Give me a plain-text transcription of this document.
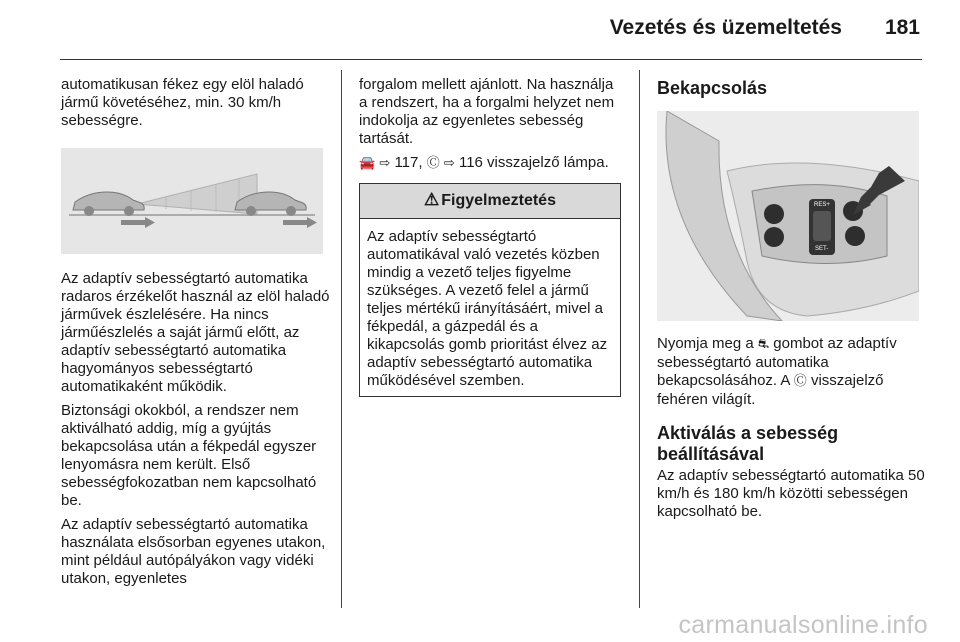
Vezetés és üzemeltetés	181

automatikusan fékez egy elöl haladó jármű követéséhez, min. 30 km/h sebességre.

Az adaptív sebességtartó automatika radaros érzékelőt használ az elöl haladó járművek észlelésére. Ha nincs járműészlelés a saját jármű előtt, az adaptív sebességtartó automatika hagyományos sebességtartó automatikaként működik.

Biztonsági okokból, a rendszer nem aktiválható addig, míg a gyújtás bekapcsolása után a fékpedál egyszer lenyomásra nem került. Első sebességfokozatban nem kapcsolható be.

Az adaptív sebességtartó automatika használata elsősorban egyenes utakon, mint például autópályákon vagy vidéki utakon, egyenletes

forgalom mellett ajánlott. Na használja a rendszert, ha a forgalmi helyzet nem indokolja az egyenletes sebesség tartását.

🚘 ⇨ 117, Ⓒ ⇨ 116 visszajelző lámpa.

⚠ Figyelmeztetés
Az adaptív sebességtartó automatikával való vezetés közben mindig a vezető teljes figyelme szükséges. A vezető felel a jármű teljes mértékű irányításáért, mivel a fékpedál, a gázpedál és a kikapcsolás gomb prioritást élvez az adaptív sebességtartó automatika működésével szemben.
Bekapcsolás
RES+
SET-

Nyomja meg a ⛐ gombot az adaptív sebességtartó automatika bekapcsolásához. A Ⓒ visszajelző fehéren világít.

Aktiválás a sebesség beállításával

Az adaptív sebességtartó automatika 50 km/h és 180 km/h közötti sebességen kapcsolható be.

carmanualsonline.info
